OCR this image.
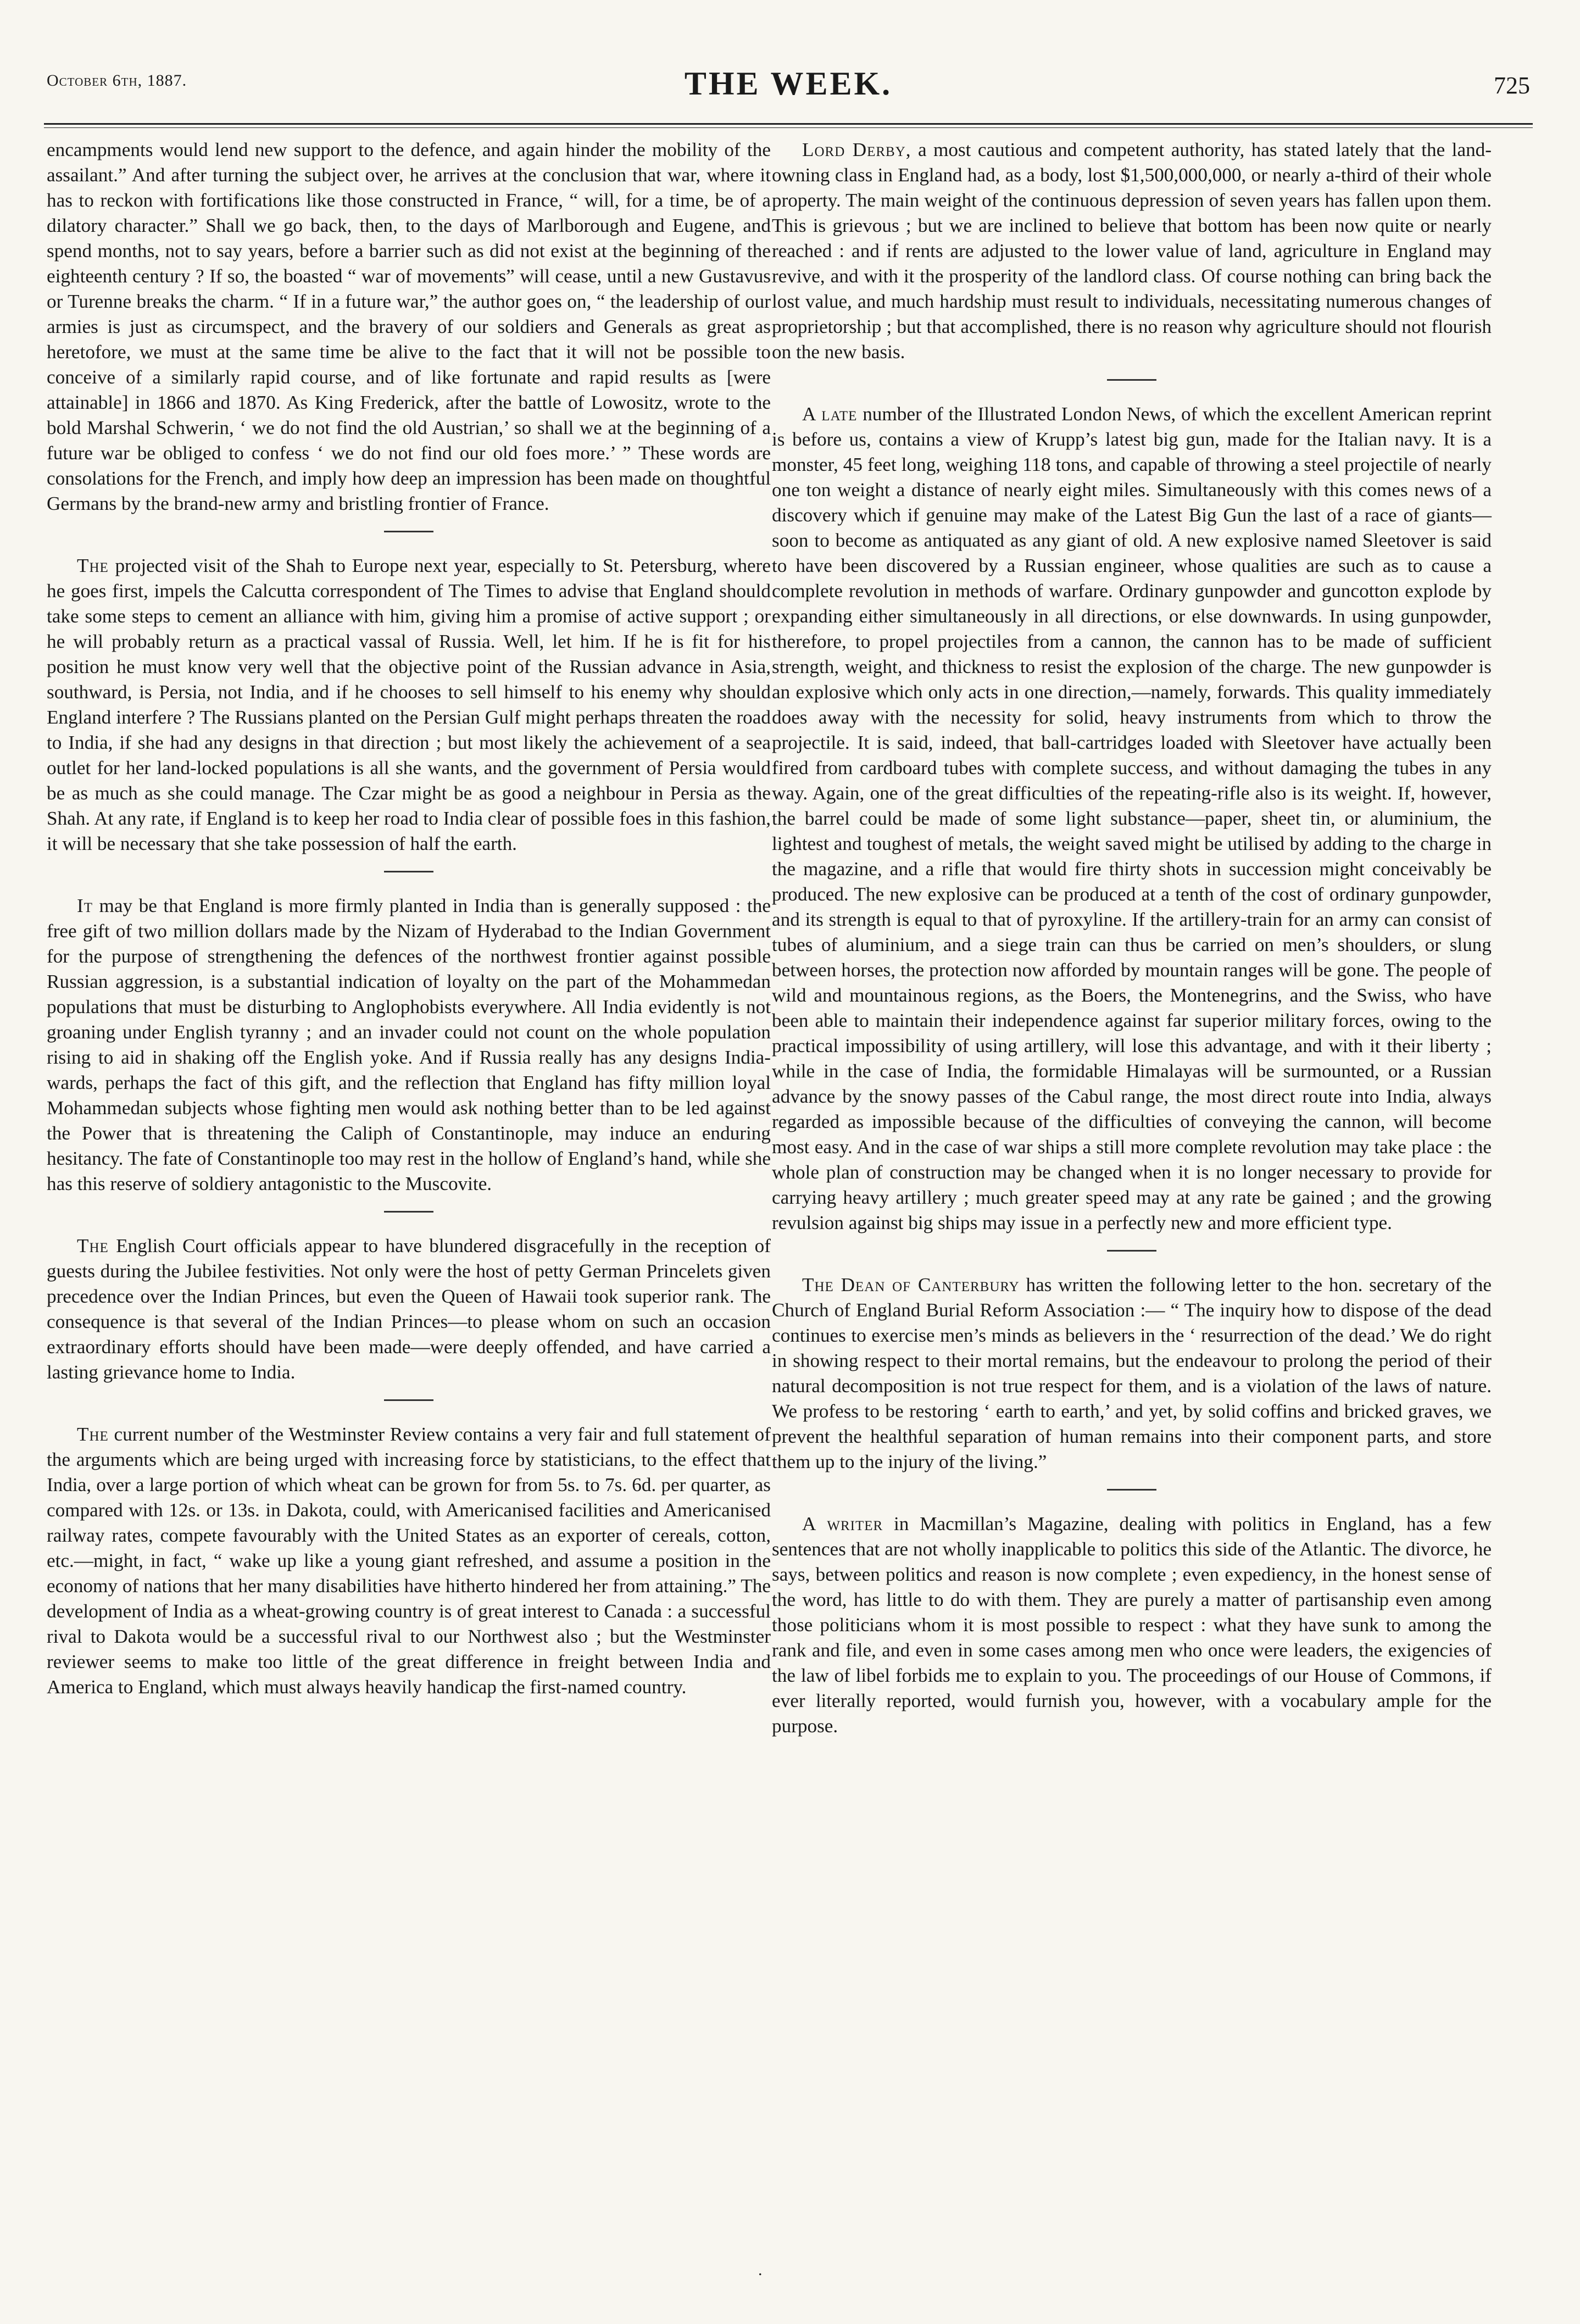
October 6th, 1887.	THE WEEK.	725

encampments would lend new support to the defence, and again hinder the mobility of the assailant.” And after turning the subject over, he arrives at the conclusion that war, where it has to reckon with fortifications like those constructed in France, “ will, for a time, be of a dilatory character.” Shall we go back, then, to the days of Marlborough and Eugene, and spend months, not to say years, before a barrier such as did not exist at the beginning of the eighteenth century ? If so, the boasted “ war of movements” will cease, until a new Gustavus or Turenne breaks the charm. “ If in a future war,” the author goes on, “ the leadership of our armies is just as circumspect, and the bravery of our soldiers and Generals as great as heretofore, we must at the same time be alive to the fact that it will not be possible to conceive of a similarly rapid course, and of like fortunate and rapid results as [were attainable] in 1866 and 1870. As King Frederick, after the battle of Lowositz, wrote to the bold Marshal Schwerin, ‘ we do not find the old Austrian,’ so shall we at the beginning of a future war be obliged to confess ‘ we do not find our old foes more.’ ” These words are consolations for the French, and imply how deep an impression has been made on thoughtful Germans by the brand-new army and bristling frontier of France.

The projected visit of the Shah to Europe next year, especially to St. Petersburg, where he goes first, impels the Calcutta correspondent of The Times to advise that England should take some steps to cement an alliance with him, giving him a promise of active support ; or he will probably return as a practical vassal of Russia. Well, let him. If he is fit for his position he must know very well that the objective point of the Russian advance in Asia, southward, is Persia, not India, and if he chooses to sell himself to his enemy why should England interfere ? The Russians planted on the Persian Gulf might perhaps threaten the road to India, if she had any designs in that direction ; but most likely the achievement of a sea outlet for her land-locked populations is all she wants, and the government of Persia would be as much as she could manage. The Czar might be as good a neighbour in Persia as the Shah. At any rate, if England is to keep her road to India clear of possible foes in this fashion, it will be necessary that she take possession of half the earth.

It may be that England is more firmly planted in India than is generally supposed : the free gift of two million dollars made by the Nizam of Hyderabad to the Indian Government for the purpose of strengthening the defences of the northwest frontier against possible Russian aggression, is a substantial indication of loyalty on the part of the Mohammedan populations that must be disturbing to Anglophobists everywhere. All India evidently is not groaning under English tyranny ; and an invader could not count on the whole population rising to aid in shaking off the English yoke. And if Russia really has any designs India-wards, perhaps the fact of this gift, and the reflection that England has fifty million loyal Mohammedan subjects whose fighting men would ask nothing better than to be led against the Power that is threatening the Caliph of Constantinople, may induce an enduring hesitancy. The fate of Constantinople too may rest in the hollow of England’s hand, while she has this reserve of soldiery antagonistic to the Muscovite.

The English Court officials appear to have blundered disgracefully in the reception of guests during the Jubilee festivities. Not only were the host of petty German Princelets given precedence over the Indian Princes, but even the Queen of Hawaii took superior rank. The consequence is that several of the Indian Princes—to please whom on such an occasion extraordinary efforts should have been made—were deeply offended, and have carried a lasting grievance home to India.

The current number of the Westminster Review contains a very fair and full statement of the arguments which are being urged with increasing force by statisticians, to the effect that India, over a large portion of which wheat can be grown for from 5s. to 7s. 6d. per quarter, as compared with 12s. or 13s. in Dakota, could, with Americanised facilities and Americanised railway rates, compete favourably with the United States as an exporter of cereals, cotton, etc.—might, in fact, “ wake up like a young giant refreshed, and assume a position in the economy of nations that her many disabilities have hitherto hindered her from attaining.” The development of India as a wheat-growing country is of great interest to Canada : a successful rival to Dakota would be a successful rival to our Northwest also ; but the Westminster reviewer seems to make too little of the great difference in freight between India and America to England, which must always heavily handicap the first-named country.

Lord Derby, a most cautious and competent authority, has stated lately that the land-owning class in England had, as a body, lost $1,500,000,000, or nearly a-third of their whole property. The main weight of the continuous depression of seven years has fallen upon them. This is grievous ; but we are inclined to believe that bottom has been now quite or nearly reached : and if rents are adjusted to the lower value of land, agriculture in England may revive, and with it the prosperity of the landlord class. Of course nothing can bring back the lost value, and much hardship must result to individuals, necessitating numerous changes of proprietorship ; but that accomplished, there is no reason why agriculture should not flourish on the new basis.

A late number of the Illustrated London News, of which the excellent American reprint is before us, contains a view of Krupp’s latest big gun, made for the Italian navy. It is a monster, 45 feet long, weighing 118 tons, and capable of throwing a steel projectile of nearly one ton weight a distance of nearly eight miles. Simultaneously with this comes news of a discovery which if genuine may make of the Latest Big Gun the last of a race of giants—soon to become as antiquated as any giant of old. A new explosive named Sleetover is said to have been discovered by a Russian engineer, whose qualities are such as to cause a complete revolution in methods of warfare. Ordinary gunpowder and guncotton explode by expanding either simultaneously in all directions, or else downwards. In using gunpowder, therefore, to propel projectiles from a cannon, the cannon has to be made of sufficient strength, weight, and thickness to resist the explosion of the charge. The new gunpowder is an explosive which only acts in one direction,—namely, forwards. This quality immediately does away with the necessity for solid, heavy instruments from which to throw the projectile. It is said, indeed, that ball-cartridges loaded with Sleetover have actually been fired from cardboard tubes with complete success, and without damaging the tubes in any way. Again, one of the great difficulties of the repeating-rifle also is its weight. If, however, the barrel could be made of some light substance—paper, sheet tin, or aluminium, the lightest and toughest of metals, the weight saved might be utilised by adding to the charge in the magazine, and a rifle that would fire thirty shots in succession might conceivably be produced. The new explosive can be produced at a tenth of the cost of ordinary gunpowder, and its strength is equal to that of pyroxyline. If the artillery-train for an army can consist of tubes of aluminium, and a siege train can thus be carried on men’s shoulders, or slung between horses, the protection now afforded by mountain ranges will be gone. The people of wild and mountainous regions, as the Boers, the Montenegrins, and the Swiss, who have been able to maintain their independence against far superior military forces, owing to the practical impossibility of using artillery, will lose this advantage, and with it their liberty ; while in the case of India, the formidable Himalayas will be surmounted, or a Russian advance by the snowy passes of the Cabul range, the most direct route into India, always regarded as impossible because of the difficulties of conveying the cannon, will become most easy. And in the case of war ships a still more complete revolution may take place : the whole plan of construction may be changed when it is no longer necessary to provide for carrying heavy artillery ; much greater speed may at any rate be gained ; and the growing revulsion against big ships may issue in a perfectly new and more efficient type.

The Dean of Canterbury has written the following letter to the hon. secretary of the Church of England Burial Reform Association :— “ The inquiry how to dispose of the dead continues to exercise men’s minds as believers in the ‘ resurrection of the dead.’ We do right in showing respect to their mortal remains, but the endeavour to prolong the period of their natural decomposition is not true respect for them, and is a violation of the laws of nature. We profess to be restoring ‘ earth to earth,’ and yet, by solid coffins and bricked graves, we prevent the healthful separation of human remains into their component parts, and store them up to the injury of the living.”

A writer in Macmillan’s Magazine, dealing with politics in England, has a few sentences that are not wholly inapplicable to politics this side of the Atlantic. The divorce, he says, between politics and reason is now complete ; even expediency, in the honest sense of the word, has little to do with them. They are purely a matter of partisanship even among those politicians whom it is most possible to respect : what they have sunk to among the rank and file, and even in some cases among men who once were leaders, the exigencies of the law of libel forbids me to explain to you. The proceedings of our House of Commons, if ever literally reported, would furnish you, however, with a vocabulary ample for the purpose.

.
